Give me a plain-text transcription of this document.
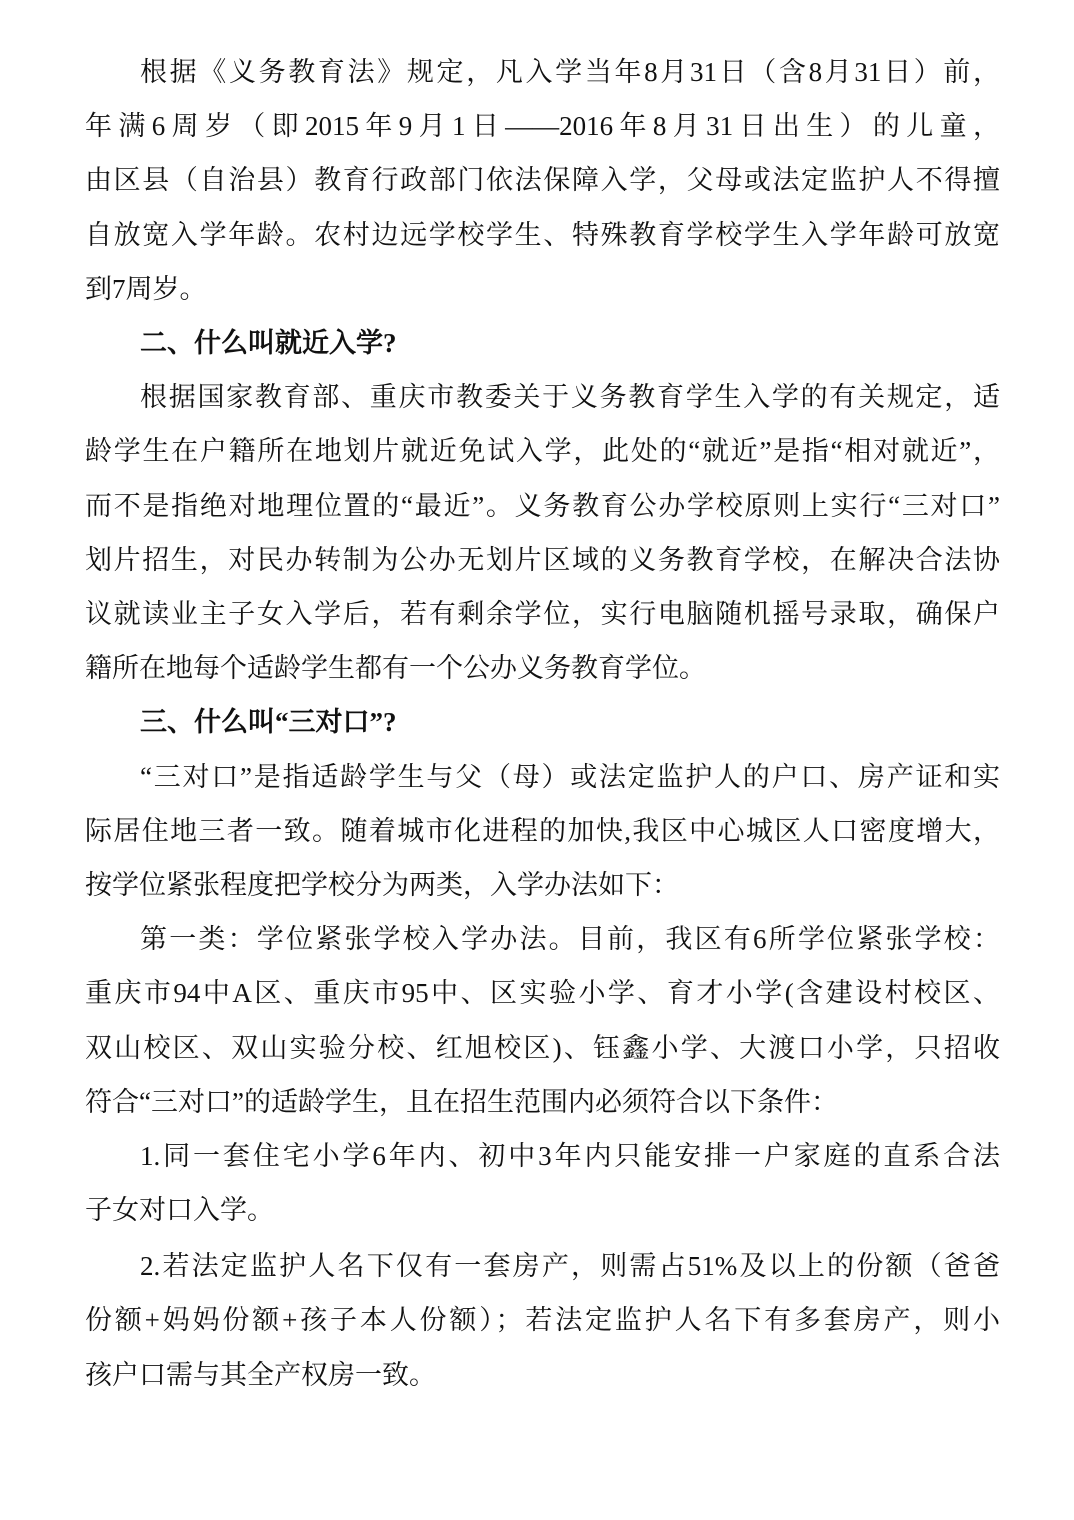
根据《义务教育法》规定，凡入学当年8月31日（含8月31日）前，
年满6周岁（即2015年9月1日——2016年8月31日出生）的儿童，
由区县（自治县）教育行政部门依法保障入学，父母或法定监护人不得擅
自放宽入学年龄。农村边远学校学生、特殊教育学校学生入学年龄可放宽
到7周岁。
二、什么叫就近入学?
根据国家教育部、重庆市教委关于义务教育学生入学的有关规定，适
龄学生在户籍所在地划片就近免试入学，此处的“就近”是指“相对就近”，
而不是指绝对地理位置的“最近”。义务教育公办学校原则上实行“三对口”
划片招生，对民办转制为公办无划片区域的义务教育学校，在解决合法协
议就读业主子女入学后，若有剩余学位，实行电脑随机摇号录取，确保户
籍所在地每个适龄学生都有一个公办义务教育学位。
三、什么叫“三对口”?
“三对口”是指适龄学生与父（母）或法定监护人的户口、房产证和实
际居住地三者一致。随着城市化进程的加快,我区中心城区人口密度增大，
按学位紧张程度把学校分为两类，入学办法如下：
第一类：学位紧张学校入学办法。目前，我区有6所学位紧张学校：
重庆市94中A区、重庆市95中、区实验小学、育才小学(含建设村校区、
双山校区、双山实验分校、红旭校区)、钰鑫小学、大渡口小学，只招收
符合“三对口”的适龄学生，且在招生范围内必须符合以下条件：
1.同一套住宅小学6年内、初中3年内只能安排一户家庭的直系合法
子女对口入学。
2.若法定监护人名下仅有一套房产，则需占51%及以上的份额（爸爸
份额+妈妈份额+孩子本人份额）；若法定监护人名下有多套房产，则小
孩户口需与其全产权房一致。
